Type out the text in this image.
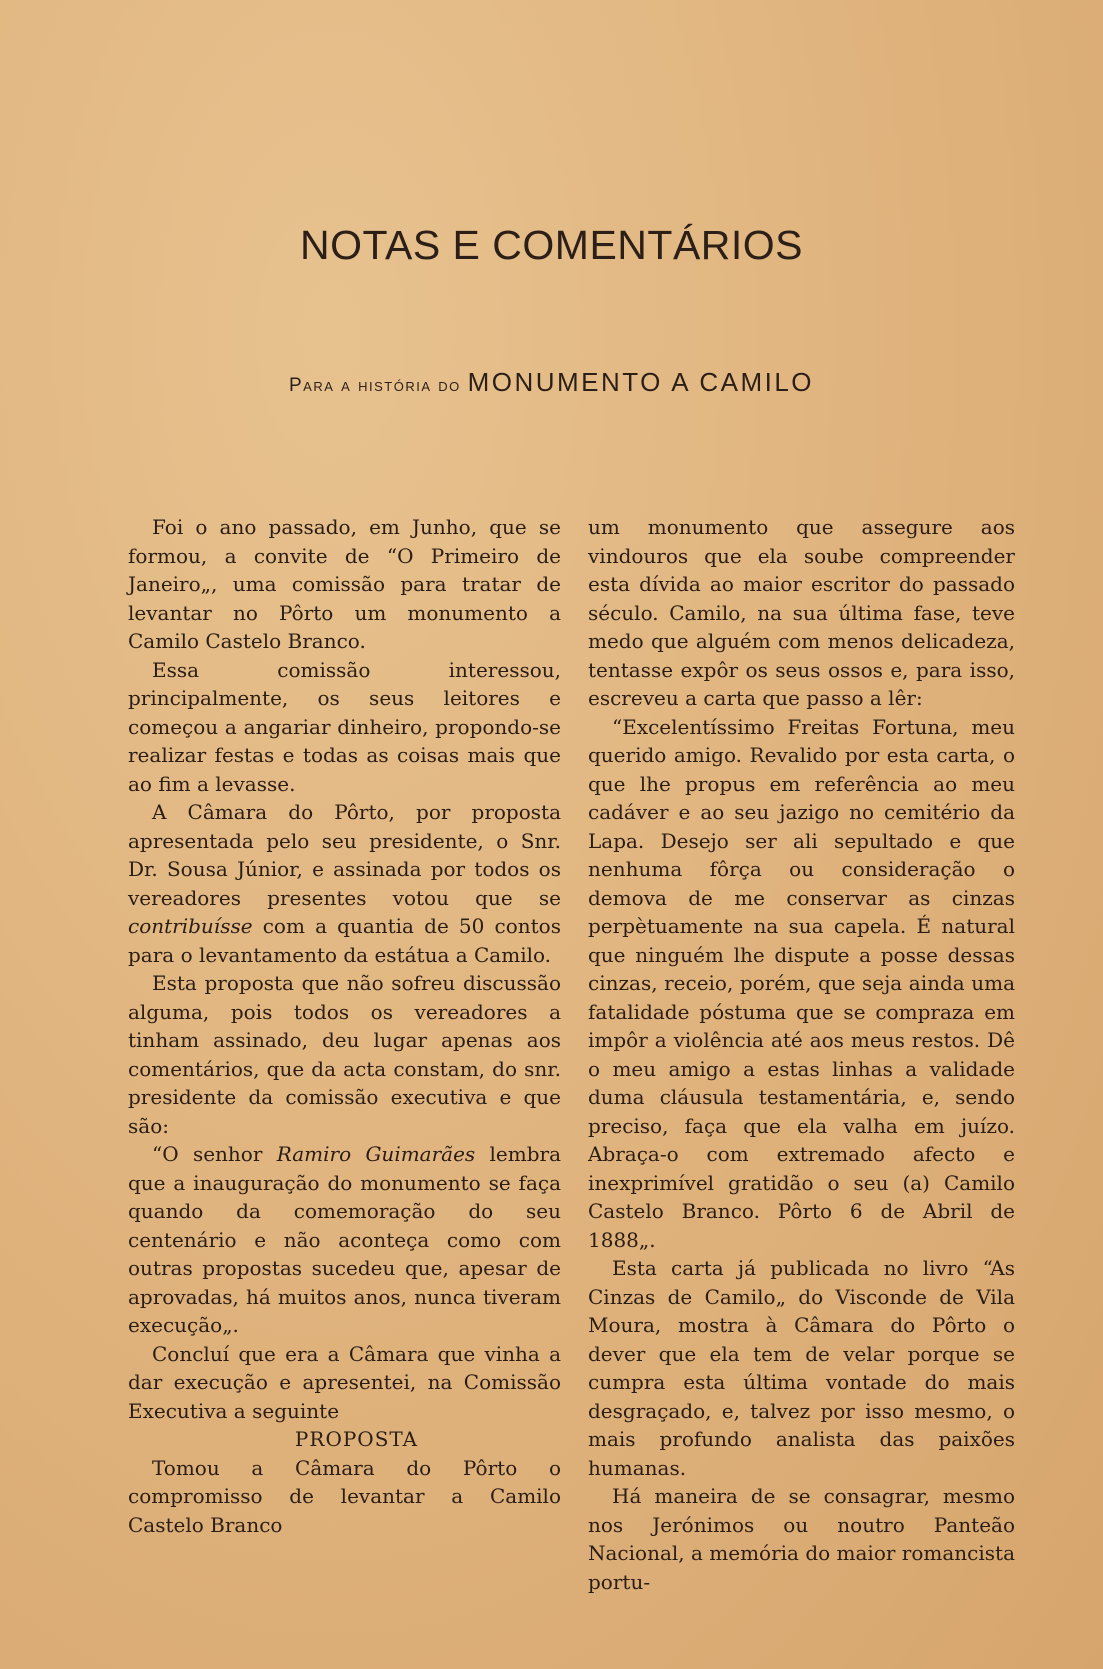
NOTAS E COMENTÁRIOS
Para a história do MONUMENTO A CAMILO

Foi o ano passado, em Junho, que se formou, a convite de “O Primeiro de Janeiro„, uma comissão para tratar de levantar no Pôrto um monumento a Camilo Castelo Branco.

Essa comissão interessou, principalmente, os seus leitores e começou a angariar dinheiro, propondo-se realizar festas e todas as coisas mais que ao fim a levasse.

A Câmara do Pôrto, por proposta apresentada pelo seu presidente, o Snr. Dr. Sousa Júnior, e assinada por todos os vereadores presentes votou que se contribuísse com a quantia de 50 contos para o levantamento da estátua a Camilo.

Esta proposta que não sofreu discussão alguma, pois todos os vereadores a tinham assinado, deu lugar apenas aos comentários, que da acta constam, do snr. presidente da comissão executiva e que são:

“O senhor Ramiro Guimarães lembra que a inauguração do monumento se faça quando da comemoração do seu centenário e não aconteça como com outras propostas sucedeu que, apesar de aprovadas, há muitos anos, nunca tiveram execução„.

Concluí que era a Câmara que vinha a dar execução e apresentei, na Comissão Executiva a seguinte

PROPOSTA

Tomou a Câmara do Pôrto o compromisso de levantar a Camilo Castelo Branco

um monumento que assegure aos vindouros que ela soube compreender esta dívida ao maior escritor do passado século. Camilo, na sua última fase, teve medo que alguém com menos delicadeza, tentasse expôr os seus ossos e, para isso, escreveu a carta que passo a lêr:

“Excelentíssimo Freitas Fortuna, meu querido amigo. Revalido por esta carta, o que lhe propus em referência ao meu cadáver e ao seu jazigo no cemitério da Lapa. Desejo ser ali sepultado e que nenhuma fôrça ou consideração o demova de me conservar as cinzas perpètuamente na sua capela. É natural que ninguém lhe dispute a posse dessas cinzas, receio, porém, que seja ainda uma fatalidade póstuma que se compraza em impôr a violência até aos meus restos. Dê o meu amigo a estas linhas a validade duma cláusula testamentária, e, sendo preciso, faça que ela valha em juízo. Abraça-o com extremado afecto e inexprimível gratidão o seu (a) Camilo Castelo Branco. Pôrto 6 de Abril de 1888„.

Esta carta já publicada no livro “As Cinzas de Camilo„ do Visconde de Vila Moura, mostra à Câmara do Pôrto o dever que ela tem de velar porque se cumpra esta última vontade do mais desgraçado, e, talvez por isso mesmo, o mais profundo analista das paixões humanas.

Há maneira de se consagrar, mesmo nos Jerónimos ou noutro Panteão Nacional, a memória do maior romancista portu-
